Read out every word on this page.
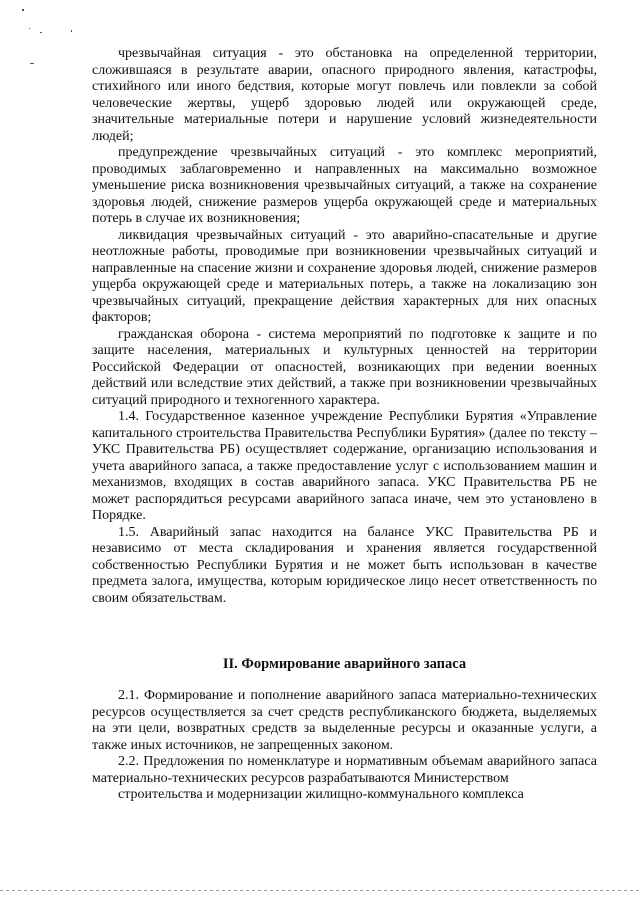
чрезвычайная ситуация - это обстановка на определенной территории, сложившаяся в результате аварии, опасного природного явления, катастрофы, стихийного или иного бедствия, которые могут повлечь или повлекли за собой человеческие жертвы, ущерб здоровью людей или окружающей среде, значительные материальные потери и нарушение условий жизнедеятельности людей;

предупреждение чрезвычайных ситуаций - это комплекс мероприятий, проводимых заблаговременно и направленных на максимально возможное уменьшение риска возникновения чрезвычайных ситуаций, а также на сохранение здоровья людей, снижение размеров ущерба окружающей среде и материальных потерь в случае их возникновения;

ликвидация чрезвычайных ситуаций - это аварийно-спасательные и другие неотложные работы, проводимые при возникновении чрезвычайных ситуаций и направленные на спасение жизни и сохранение здоровья людей, снижение размеров ущерба окружающей среде и материальных потерь, а также на локализацию зон чрезвычайных ситуаций, прекращение действия характерных для них опасных факторов;

гражданская оборона - система мероприятий по подготовке к защите и по защите населения, материальных и культурных ценностей на территории Российской Федерации от опасностей, возникающих при ведении военных действий или вследствие этих действий, а также при возникновении чрезвычайных ситуаций природного и техногенного характера.

1.4. Государственное казенное учреждение Республики Бурятия «Управление капитального строительства Правительства Республики Бурятия» (далее по тексту – УКС Правительства РБ) осуществляет содержание, организацию использования и учета аварийного запаса, а также предоставление услуг с использованием машин и механизмов, входящих в состав аварийного запаса. УКС Правительства РБ не может распорядиться ресурсами аварийного запаса иначе, чем это установлено в Порядке.

1.5. Аварийный запас находится на балансе УКС Правительства РБ и независимо от места складирования и хранения является государственной собственностью Республики Бурятия и не может быть использован в качестве предмета залога, имущества, которым юридическое лицо несет ответственность по своим обязательствам.

II. Формирование аварийного запаса

2.1. Формирование и пополнение аварийного запаса материально-технических ресурсов осуществляется за счет средств республиканского бюджета, выделяемых на эти цели, возвратных средств за выделенные ресурсы и оказанные услуги, а также иных источников, не запрещенных законом.

2.2. Предложения по номенклатуре и нормативным объемам аварийного запаса материально-технических ресурсов разрабатываются Министерством

строительства и модернизации жилищно-коммунального комплекса
